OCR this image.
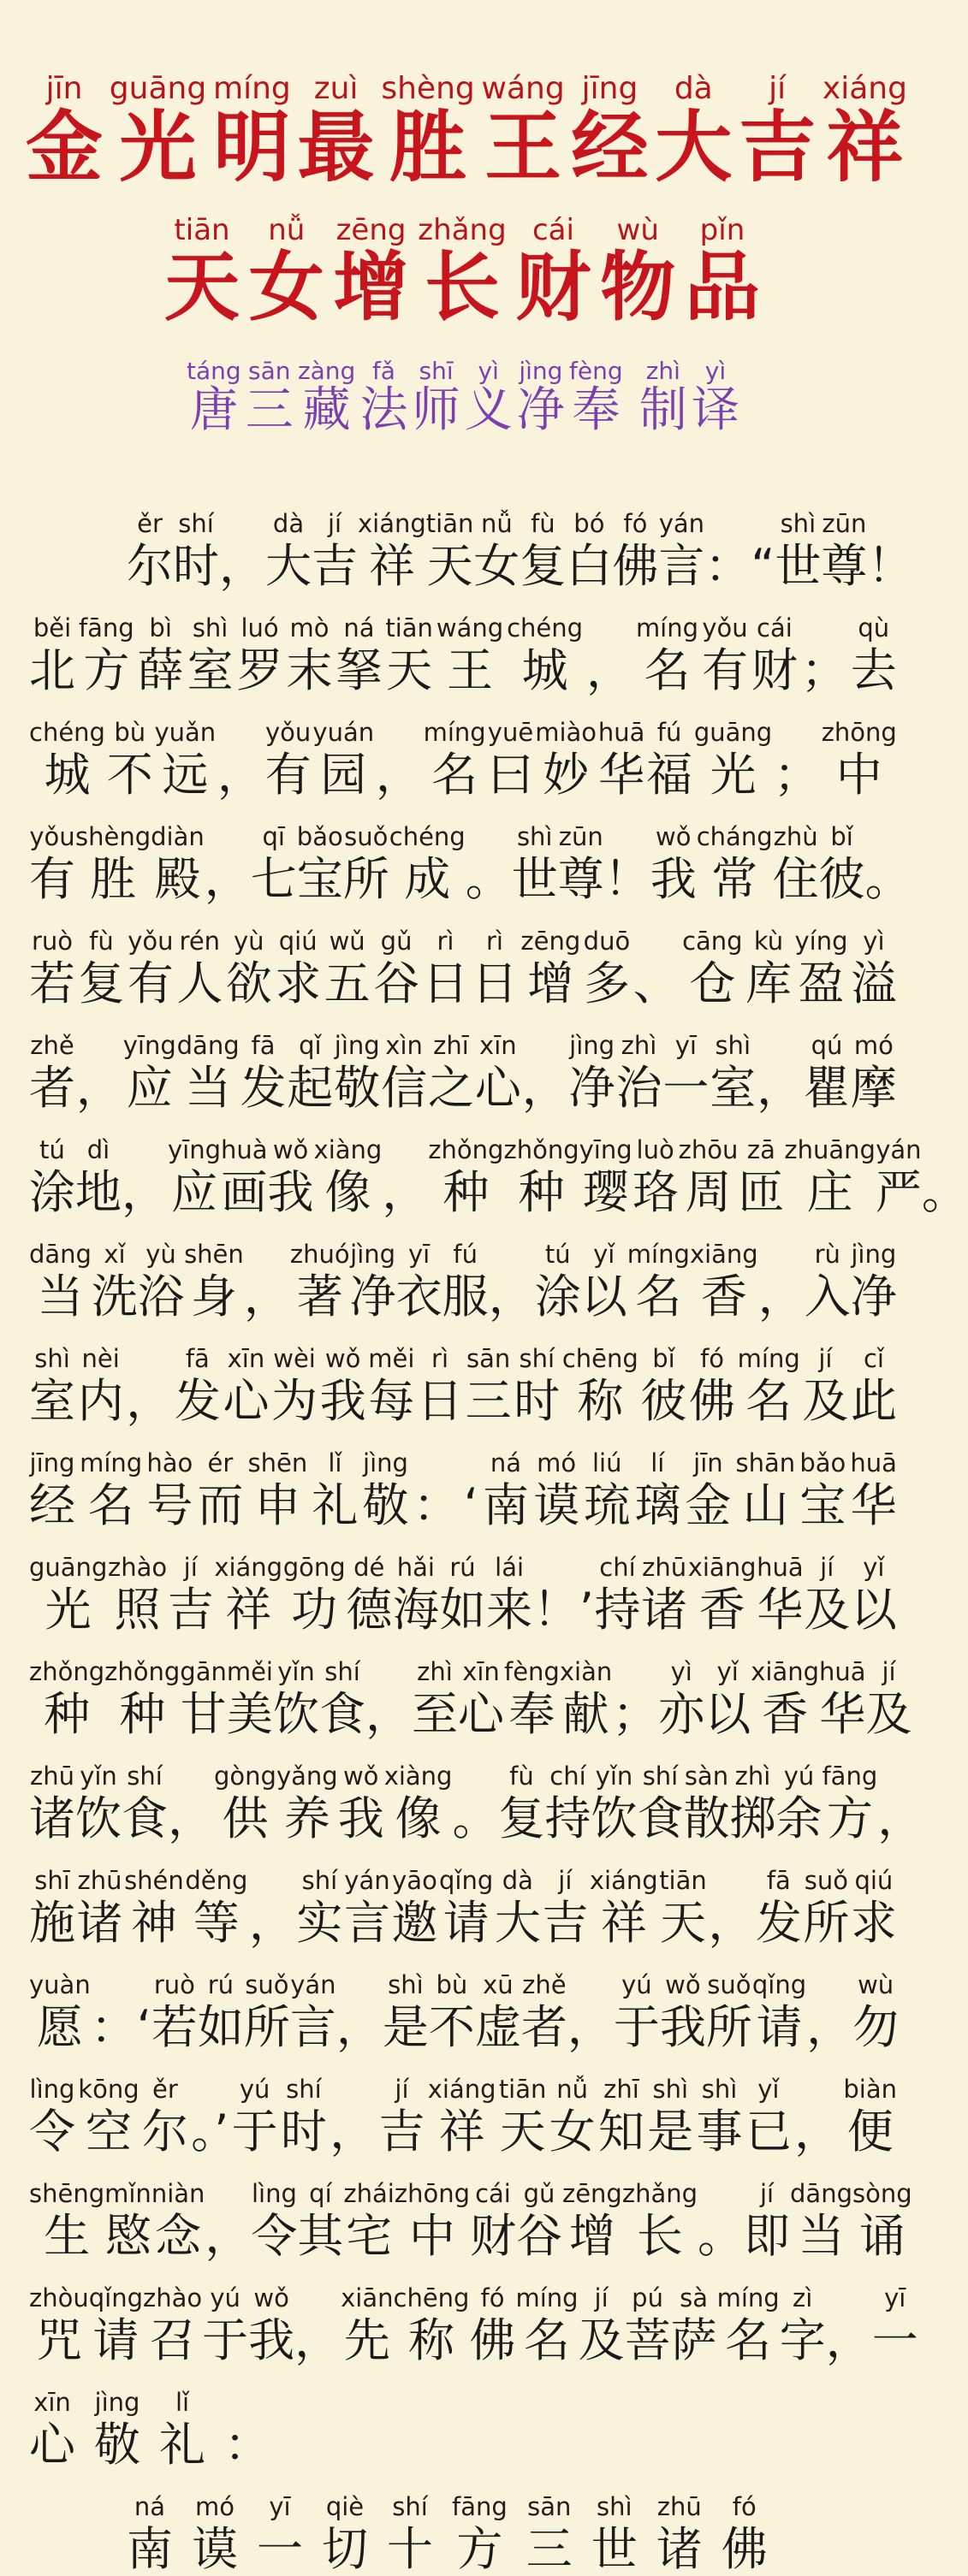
jīn
金
guāng
光
míng
明
zuì
最
shèng
胜
wáng
王
jīng
经
dà
大
jí
吉
xiáng
祥
tiān
天
nǚ
女
zēng
增
zhǎng
长
cái
财
wù
物
pǐn
品
táng
唐
sān
三
zàng
藏
fǎ
法
shī
师
yì
义
jìng
净
fèng
奉

zhì
制
yì
译
ěr
尔
shí
时
，
dà
大
jí
吉
xiáng
祥
tiān
天
nǚ
女
fù
复
bó
白
fó
佛
yán
言
：“
shì
世
zūn
尊
！
běi
北
fāng
方
bì
薛
shì
室
luó
罗
mò
末
ná
拏
tiān
天
wáng
王
chéng
城
，
míng
名
yǒu
有
cái
财
；
qù
去
chéng
城
bù
不
yuǎn
远
，
yǒu
有
yuán
园
，
míng
名
yuē
曰
miào
妙
huā
华
fú
福
guāng
光
；
zhōng
中
yǒu
有
shèng
胜
diàn
殿
，
qī
七
bǎo
宝
suǒ
所
chéng
成
。
shì
世
zūn
尊
！
wǒ
我
cháng
常
zhù
住
bǐ
彼
。
ruò
若
fù
复
yǒu
有
rén
人
yù
欲
qiú
求
wǔ
五
gǔ
谷
rì
日
rì
日
zēng
增
duō
多
、
cāng
仓
kù
库
yíng
盈
yì
溢
zhě
者
，
yīng
应
dāng
当
fā
发
qǐ
起
jìng
敬
xìn
信
zhī
之
xīn
心
，
jìng
净
zhì
治
yī
一
shì
室
，
qú
瞿
mó
摩
tú
涂
dì
地
，
yīng
应
huà
画
wǒ
我
xiàng
像
，
zhǒng
种
zhǒng
种
yīng
璎
luò
珞
zhōu
周
zā
匝
zhuāng
庄
yán
严
。
dāng
当
xǐ
洗
yù
浴
shēn
身
，
zhuó
著
jìng
净
yī
衣
fú
服
，
tú
涂
yǐ
以
míng
名
xiāng
香
，
rù
入
jìng
净
shì
室
nèi
内
，
fā
发
xīn
心
wèi
为
wǒ
我
měi
每
rì
日
sān
三
shí
时
chēng
称
bǐ
彼
fó
佛
míng
名
jí
及
cǐ
此
jīng
经
míng
名
hào
号
ér
而
shēn
申
lǐ
礼
jìng
敬
：
‘
ná
南
mó
谟
liú
琉
lí
璃
jīn
金
shān
山
bǎo
宝
huā
华
guāng
光
zhào
照
jí
吉
xiáng
祥
gōng
功
dé
德
hǎi
海
rú
如
lái
来
！’
chí
持
zhū
诸
xiāng
香
huā
华
jí
及
yǐ
以
zhǒng
种
zhǒng
种
gān
甘
měi
美
yǐn
饮
shí
食
，
zhì
至
xīn
心
fèng
奉
xiàn
献
；
yì
亦
yǐ
以
xiāng
香
huā
华
jí
及
zhū
诸
yǐn
饮
shí
食
，
gòng
供
yǎng
养
wǒ
我
xiàng
像
。
fù
复
chí
持
yǐn
饮
shí
食
sàn
散
zhì
掷
yú
余
fāng
方
，
shī
施
zhū
诸
shén
神
děng
等
，
shí
实
yán
言
yāo
邀
qǐng
请
dà
大
jí
吉
xiáng
祥
tiān
天
，
fā
发
suǒ
所
qiú
求
yuàn
愿
：‘
ruò
若
rú
如
suǒ
所
yán
言
，
shì
是
bù
不
xū
虚
zhě
者
，
yú
于
wǒ
我
suǒ
所
qǐng
请
，
wù
勿
lìng
令
kōng
空
ěr
尔
。’
yú
于
shí
时
，
jí
吉
xiáng
祥
tiān
天
nǚ
女
zhī
知
shì
是
shì
事
yǐ
已
，
biàn
便
shēng
生
mǐn
愍
niàn
念
，
lìng
令
qí
其
zhái
宅
zhōng
中
cái
财
gǔ
谷
zēng
增
zhǎng
长
。
jí
即
dāng
当
sòng
诵
zhòu
咒
qǐng
请
zhào
召
yú
于
wǒ
我
，
xiān
先
chēng
称
fó
佛
míng
名
jí
及
pú
菩
sà
萨
míng
名
zì
字
，
yī
一
xīn
心
jìng
敬
lǐ
礼
：
ná
南
mó
谟
yī
一
qiè
切
shí
十
fāng
方
sān
三
shì
世
zhū
诸
fó
佛
